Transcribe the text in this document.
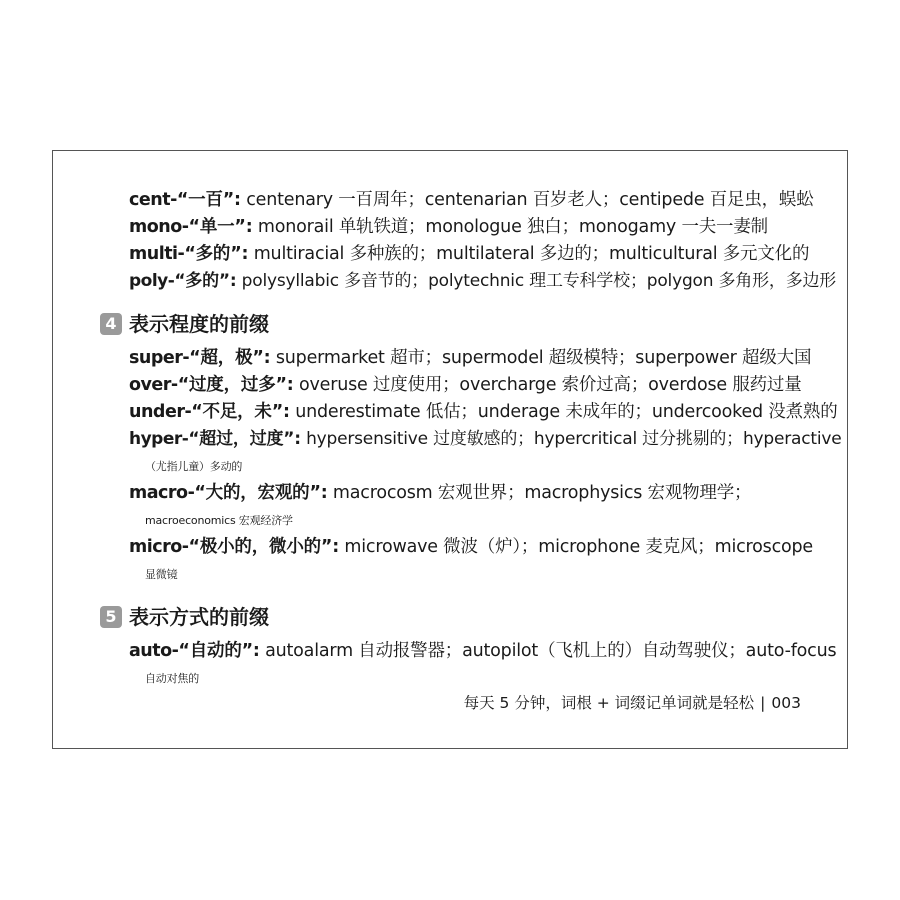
cent-“一百”: centenary 一百周年；centenarian 百岁老人；centipede 百足虫，蜈蚣
mono-“单一”: monorail 单轨铁道；monologue 独白；monogamy 一夫一妻制
multi-“多的”: multiracial 多种族的；multilateral 多边的；multicultural 多元文化的
poly-“多的”: polysyllabic 多音节的；polytechnic 理工专科学校；polygon 多角形，多边形
4 表示程度的前缀
super-“超，极”: supermarket 超市；supermodel 超级模特；superpower 超级大国
over-“过度，过多”: overuse 过度使用；overcharge 索价过高；overdose 服药过量
under-“不足，未”: underestimate 低估；underage 未成年的；undercooked 没煮熟的
hyper-“超过，过度”: hypersensitive 过度敏感的；hypercritical 过分挑剔的；hyperactive
（尤指儿童）多动的
macro-“大的，宏观的”: macrocosm 宏观世界；macrophysics 宏观物理学；
macroeconomics 宏观经济学
micro-“极小的，微小的”: microwave 微波（炉）；microphone 麦克风；microscope
显微镜
5 表示方式的前缀
auto-“自动的”: autoalarm 自动报警器；autopilot（飞机上的）自动驾驶仪；auto-focus
自动对焦的
每天 5 分钟，词根 + 词缀记单词就是轻松 | 003
